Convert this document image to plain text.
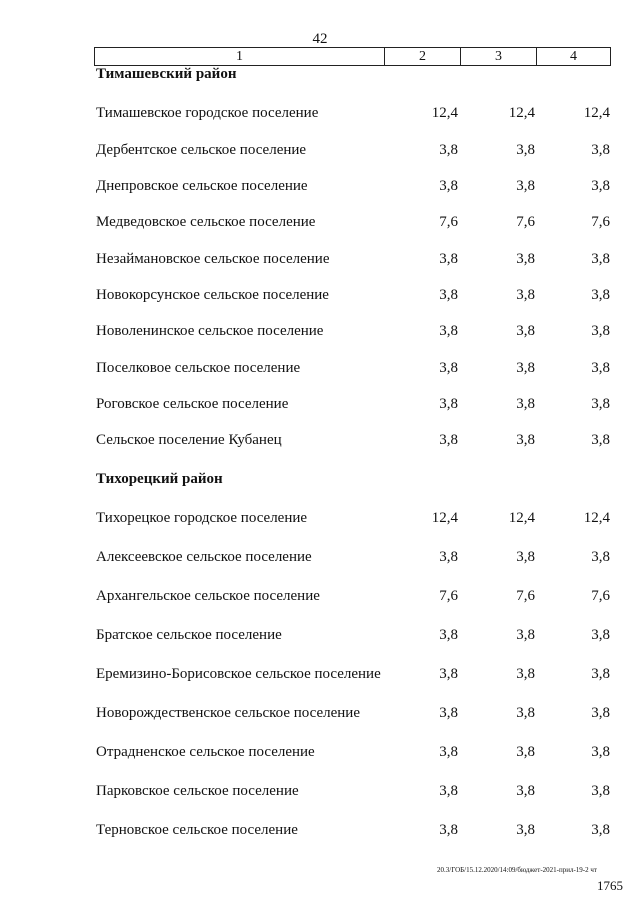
42
1	2	3	4
Тимашевский район
Тимашевское городское поселение	12,4	12,4	12,4
Дербентское сельское поселение	3,8	3,8	3,8
Днепровское сельское поселение	3,8	3,8	3,8
Медведовское сельское поселение	7,6	7,6	7,6
Незаймановское сельское поселение	3,8	3,8	3,8
Новокорсунское сельское поселение	3,8	3,8	3,8
Новоленинское сельское поселение	3,8	3,8	3,8
Поселковое сельское поселение	3,8	3,8	3,8
Роговское сельское поселение	3,8	3,8	3,8
Сельское поселение Кубанец	3,8	3,8	3,8
Тихорецкий район
Тихорецкое городское поселение	12,4	12,4	12,4
Алексеевское сельское поселение	3,8	3,8	3,8
Архангельское сельское поселение	7,6	7,6	7,6
Братское сельское поселение	3,8	3,8	3,8
Еремизино-Борисовское сельское поселение	3,8	3,8	3,8
Новорождественское сельское поселение	3,8	3,8	3,8
Отрадненское сельское поселение	3,8	3,8	3,8
Парковское сельское поселение	3,8	3,8	3,8
Терновское сельское поселение	3,8	3,8	3,8
20.3/ГОБ/15.12.2020/14:09/бюджет-2021-прил-19-2 чт
1765
